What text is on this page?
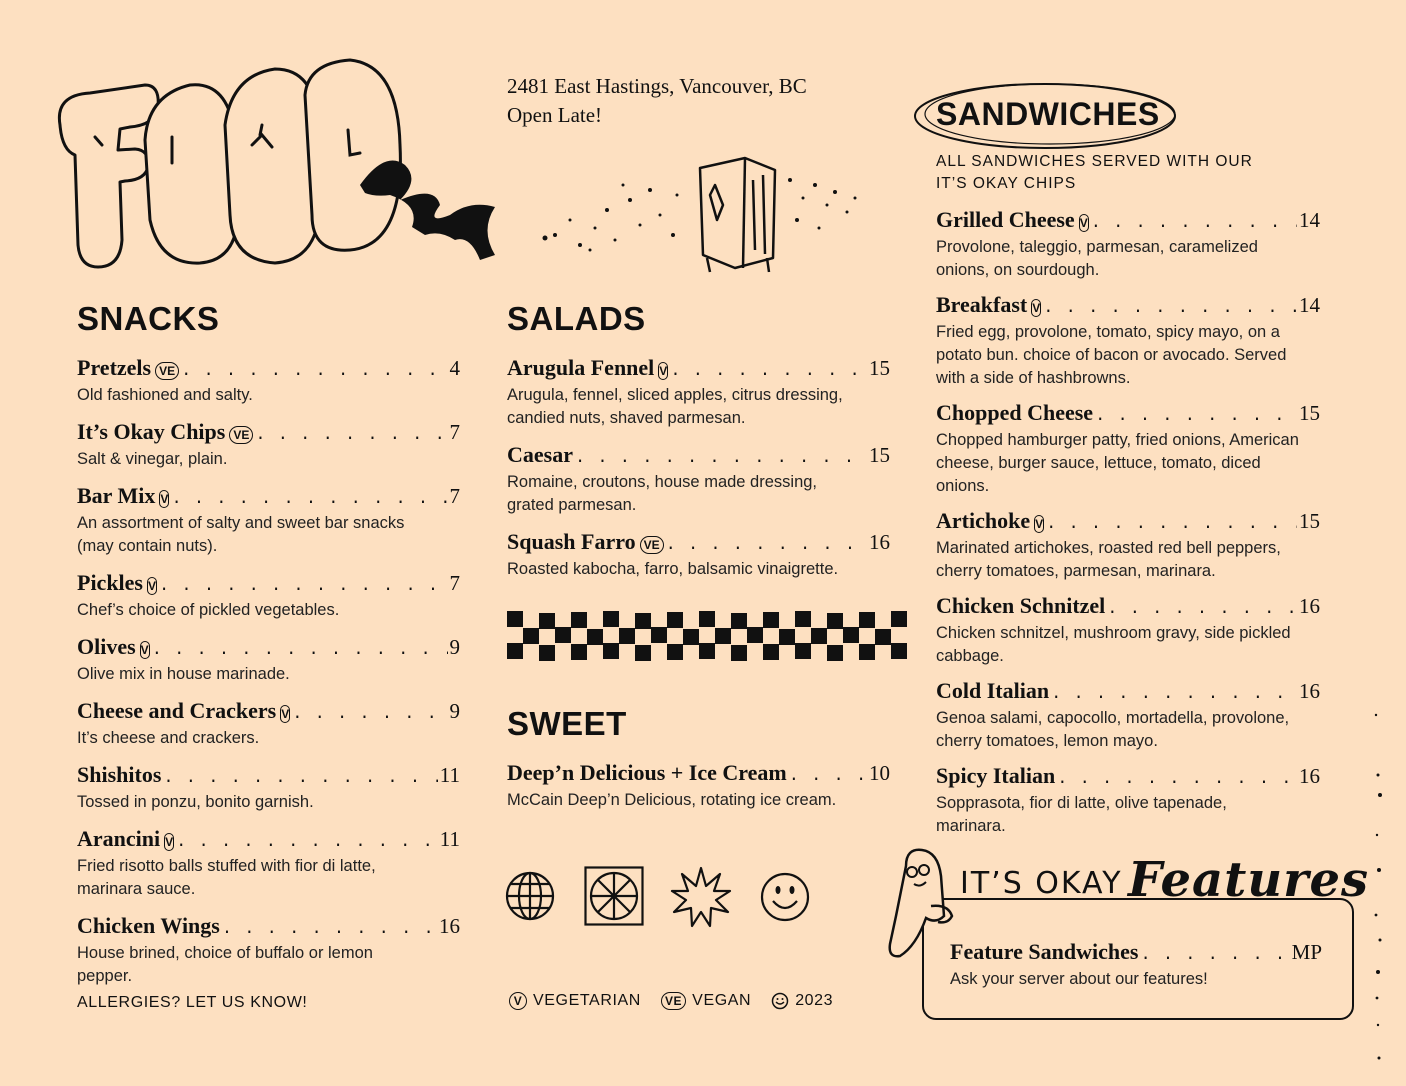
2481 East Hastings, Vancouver, BC
Open Late!
SNACKS
Pretzels VE . . .	4
Old fashioned and salty.
It’s Okay Chips VE . . .	7
Salt & vinegar, plain.
Bar Mix V . . .	7
An assortment of salty and sweet bar snacks (may contain nuts).
Pickles V . . .	7
Chef’s choice of pickled vegetables.
Olives V . . .	9
Olive mix in house marinade.
Cheese and Crackers V . . .	9
It’s cheese and crackers.
Shishitos . . .	11
Tossed in ponzu, bonito garnish.
Arancini V . . .	11
Fried risotto balls stuffed with fior di latte, marinara sauce.
Chicken Wings . . .	16
House brined, choice of buffalo or lemon pepper.
SALADS
Arugula Fennel V . . .	15
Arugula, fennel, sliced apples, citrus dressing, candied nuts, shaved parmesan.
Caesar . . .	15
Romaine, croutons, house made dressing, grated parmesan.
Squash Farro VE . . .	16
Roasted kabocha, farro, balsamic vinaigrette.
SWEET
Deep’n Delicious + Ice Cream . . .	10
McCain Deep’n Delicious, rotating ice cream.
SANDWICHES
ALL SANDWICHES SERVED WITH OUR
IT’S OKAY CHIPS
Grilled Cheese V . . .	14
Provolone, taleggio, parmesan, caramelized onions, on sourdough.
Breakfast V . . .	14
Fried egg, provolone, tomato, spicy mayo, on a potato bun. choice of bacon or avocado. Served with a side of hashbrowns.
Chopped Cheese . . .	15
Chopped hamburger patty, fried onions, American cheese, burger sauce, lettuce, tomato, diced onions.
Artichoke V . . .	15
Marinated artichokes, roasted red bell peppers, cherry tomatoes, parmesan, marinara.
Chicken Schnitzel . . .	16
Chicken schnitzel, mushroom gravy, side pickled cabbage.
Cold Italian . . .	16
Genoa salami, capocollo, mortadella, provolone, cherry tomatoes, lemon mayo.
Spicy Italian . . .	16
Sopprasota, fior di latte, olive tapenade, marinara.
IT’S OKAY Features
Feature Sandwiches . . .	MP
Ask your server about our features!
ALLERGIES? LET US KNOW!	V VEGETARIAN	VE VEGAN	2023
